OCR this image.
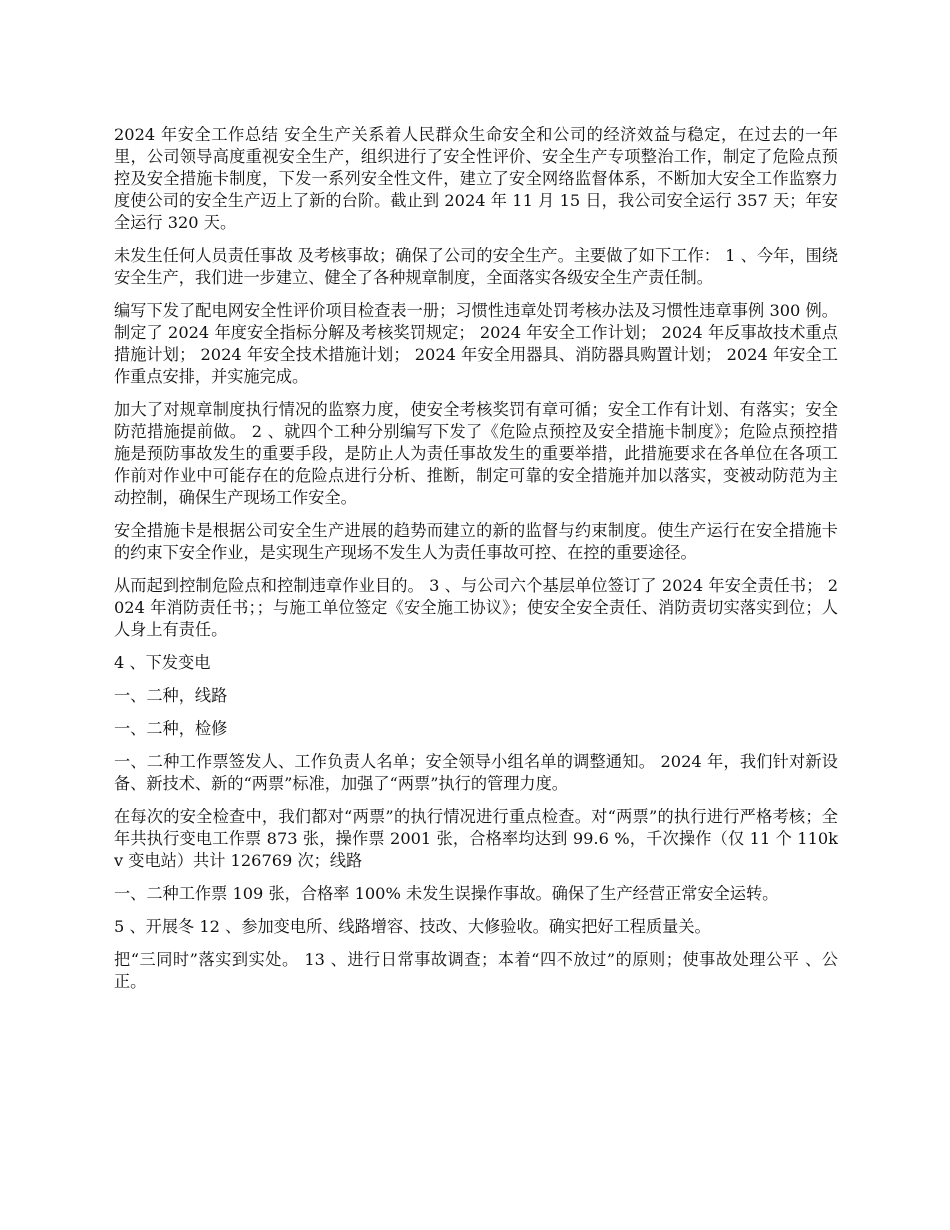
2024 年安全工作总结 安全生产关系着人民群众生命安全和公司的经济效益与稳定，在过去的一年里，公司领导高度重视安全生产，组织进行了安全性评价、安全生产专项整治工作，制定了危险点预控及安全措施卡制度，下发一系列安全性文件，建立了安全网络监督体系，不断加大安全工作监察力度使公司的安全生产迈上了新的台阶。截止到 2024 年 11 月 15 日，我公司安全运行 357 天；年安全运行 320 天。

未发生任何人员责任事故 及考核事故；确保了公司的安全生产。主要做了如下工作： 1 、今年，围绕安全生产，我们进一步建立、健全了各种规章制度，全面落实各级安全生产责任制。

编写下发了配电网安全性评价项目检查表一册；习惯性违章处罚考核办法及习惯性违章事例 300 例。 制定了 2024 年度安全指标分解及考核奖罚规定； 2024 年安全工作计划； 2024 年反事故技术重点措施计划； 2024 年安全技术措施计划； 2024 年安全用器具、消防器具购置计划； 2024 年安全工作重点安排，并实施完成。

加大了对规章制度执行情况的监察力度，使安全考核奖罚有章可循；安全工作有计划、有落实；安全防范措施提前做。 2 、就四个工种分别编写下发了《危险点预控及安全措施卡制度》；危险点预控措施是预防事故发生的重要手段，是防止人为责任事故发生的重要举措，此措施要求在各单位在各项工作前对作业中可能存在的危险点进行分析、推断，制定可靠的安全措施并加以落实，变被动防范为主动控制，确保生产现场工作安全。

安全措施卡是根据公司安全生产进展的趋势而建立的新的监督与约束制度。使生产运行在安全措施卡的约束下安全作业，是实现生产现场不发生人为责任事故可控、在控的重要途径。

从而起到控制危险点和控制违章作业目的。 3 、与公司六个基层单位签订了 2024 年安全责任书； 2024 年消防责任书；；与施工单位签定《安全施工协议》；使安全安全责任、消防责切实落实到位；人人身上有责任。

4 、下发变电

一、二种，线路

一、二种，检修

一、二种工作票签发人、工作负责人名单；安全领导小组名单的调整通知。 2024 年，我们针对新设备、新技术、新的“两票”标准，加强了“两票”执行的管理力度。

在每次的安全检查中，我们都对“两票”的执行情况进行重点检查。对“两票”的执行进行严格考核；全年共执行变电工作票 873 张，操作票 2001 张，合格率均达到 99.6 %，千次操作（仅 11 个 110kv 变电站）共计 126769 次；线路

一、二种工作票 109 张，合格率 100% 未发生误操作事故。确保了生产经营正常安全运转。

5 、开展冬 12 、参加变电所、线路增容、技改、大修验收。确实把好工程质量关。

把“三同时”落实到实处。 13 、进行日常事故调查；本着“四不放过”的原则；使事故处理公平 、公正。
